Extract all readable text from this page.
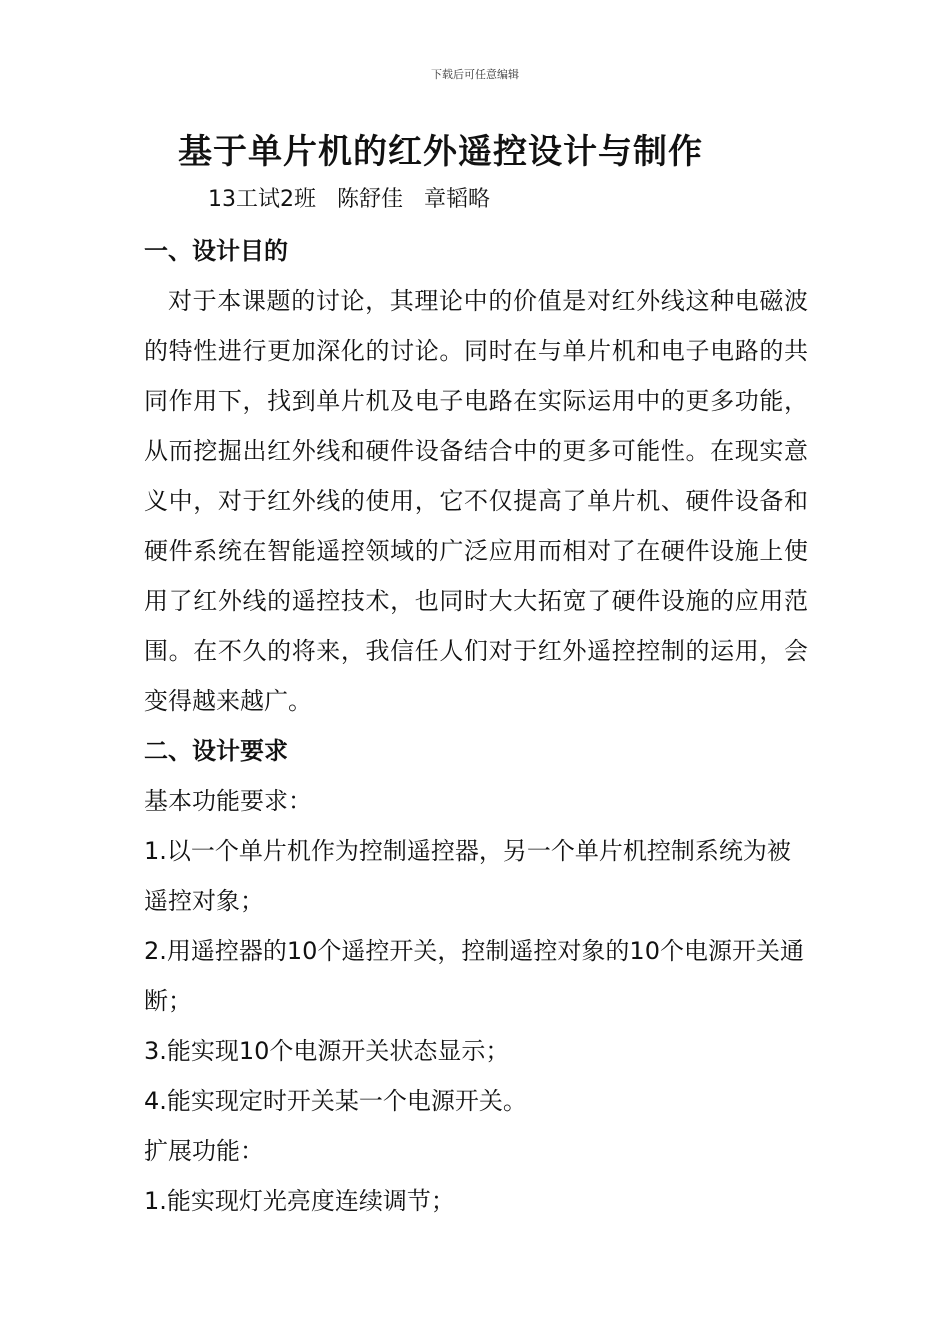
下载后可任意编辑
基于单片机的红外遥控设计与制作
13工试2班 陈舒佳 章韬略

一、设计目的

对于本课题的讨论，其理论中的价值是对红外线这种电磁波的特性进行更加深化的讨论。同时在与单片机和电子电路的共同作用下，找到单片机及电子电路在实际运用中的更多功能，从而挖掘出红外线和硬件设备结合中的更多可能性。在现实意义中，对于红外线的使用，它不仅提高了单片机、硬件设备和硬件系统在智能遥控领域的广泛应用而相对了在硬件设施上使用了红外线的遥控技术，也同时大大拓宽了硬件设施的应用范围。在不久的将来，我信任人们对于红外遥控控制的运用，会变得越来越广。

二、设计要求

基本功能要求：

1.以一个单片机作为控制遥控器，另一个单片机控制系统为被遥控对象；

2.用遥控器的10个遥控开关，控制遥控对象的10个电源开关通断；

3.能实现10个电源开关状态显示；

4.能实现定时开关某一个电源开关。

扩展功能：

1.能实现灯光亮度连续调节；
